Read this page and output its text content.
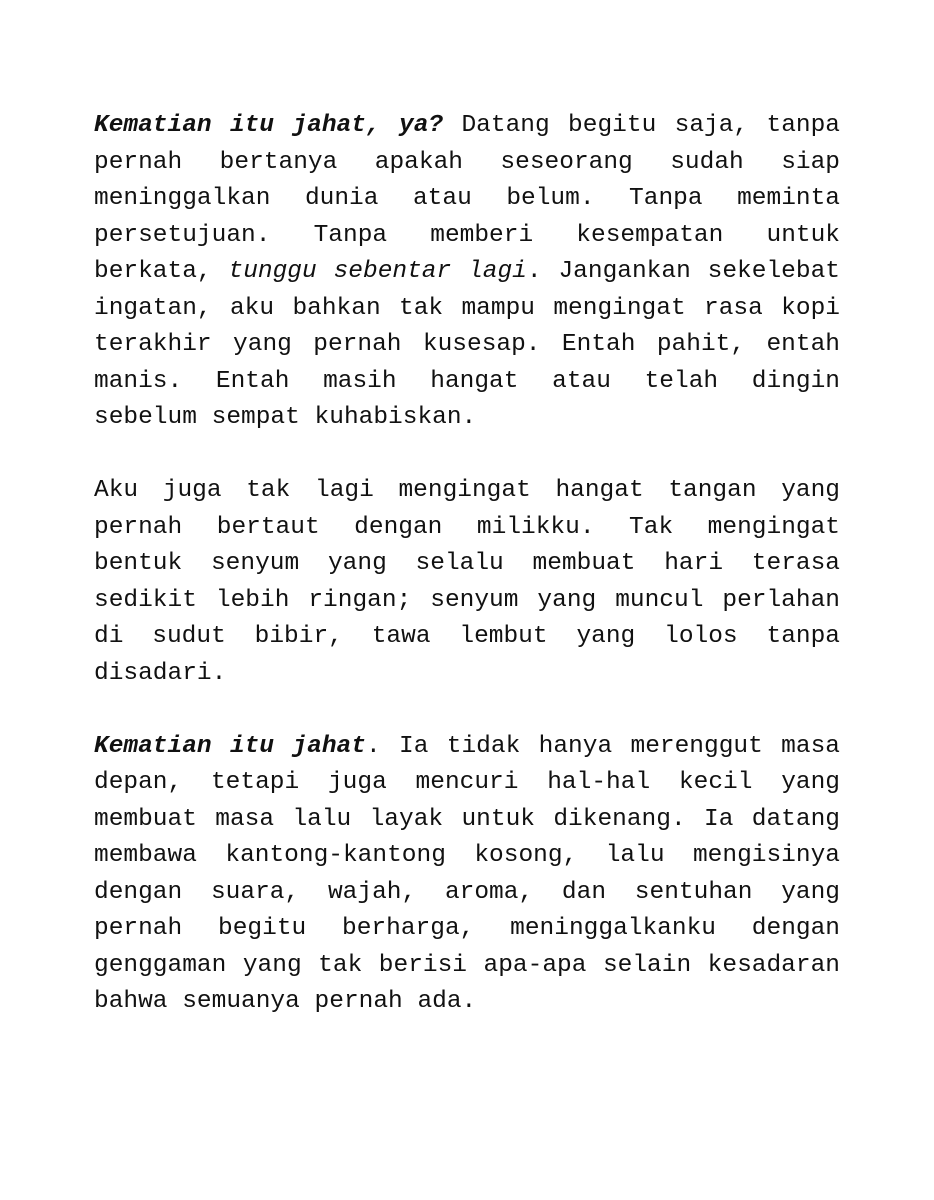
Kematian itu jahat, ya? Datang begitu saja, tanpa pernah bertanya apakah seseorang sudah siap meninggalkan dunia atau belum. Tanpa meminta persetujuan. Tanpa memberi kesempatan untuk berkata, tunggu sebentar lagi. Jangankan sekelebat ingatan, aku bahkan tak mampu mengingat rasa kopi terakhir yang pernah kusesap. Entah pahit, entah manis. Entah masih hangat atau telah dingin sebelum sempat kuhabiskan.

Aku juga tak lagi mengingat hangat tangan yang pernah bertaut dengan milikku. Tak mengingat bentuk senyum yang selalu membuat hari terasa sedikit lebih ringan; senyum yang muncul perlahan di sudut bibir, tawa lembut yang lolos tanpa disadari.

Kematian itu jahat. Ia tidak hanya merenggut masa depan, tetapi juga mencuri hal-hal kecil yang membuat masa lalu layak untuk dikenang. Ia datang membawa kantong-kantong kosong, lalu mengisinya dengan suara, wajah, aroma, dan sentuhan yang pernah begitu berharga, meninggalkanku dengan genggaman yang tak berisi apa-apa selain kesadaran bahwa semuanya pernah ada.
